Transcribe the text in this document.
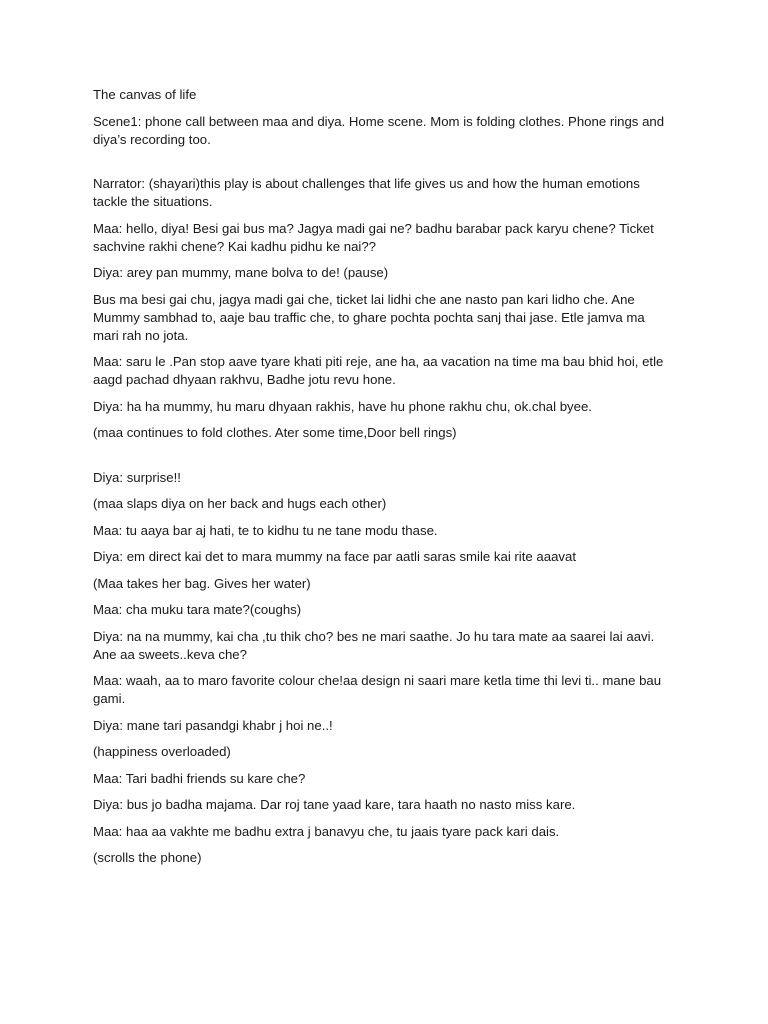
The canvas of life

Scene1: phone call between maa and diya. Home scene. Mom is folding clothes. Phone rings and diya’s recording too.

Narrator: (shayari)this play is about challenges that life gives us and how the human emotions tackle the situations.

Maa: hello, diya! Besi gai bus ma? Jagya madi gai ne? badhu barabar pack karyu chene? Ticket sachvine rakhi chene? Kai kadhu pidhu ke nai??

Diya: arey pan mummy, mane bolva to de! (pause)

Bus ma besi gai chu, jagya madi gai che, ticket lai lidhi che ane nasto pan kari lidho che. Ane Mummy sambhad to, aaje bau traffic che, to ghare pochta pochta sanj thai jase. Etle jamva ma mari rah no jota.

Maa: saru le .Pan stop aave tyare khati piti reje, ane ha, aa vacation na time ma bau bhid hoi, etle aagd pachad dhyaan rakhvu, Badhe jotu revu hone.

Diya: ha ha mummy, hu maru dhyaan rakhis, have hu phone rakhu chu, ok.chal byee.

(maa continues to fold clothes. Ater some time,Door bell rings)

Diya: surprise!!

(maa slaps diya on her back and hugs each other)

Maa: tu aaya bar aj hati, te to kidhu tu ne tane modu thase.

Diya: em direct kai det to mara mummy na face par aatli saras smile kai rite aaavat

(Maa takes her bag. Gives her water)

Maa: cha muku tara mate?(coughs)

Diya: na na mummy, kai cha ,tu thik cho? bes ne mari saathe. Jo hu tara mate aa saarei lai aavi. Ane aa sweets..keva che?

Maa: waah, aa to maro favorite colour che!aa design ni saari mare ketla time thi levi ti.. mane bau gami.

Diya: mane tari pasandgi khabr j hoi ne..!

(happiness overloaded)

Maa: Tari badhi friends su kare che?

Diya: bus jo badha majama. Dar roj tane yaad kare, tara haath no nasto miss kare.

Maa: haa aa vakhte me badhu extra j banavyu che, tu jaais tyare pack kari dais.

(scrolls the phone)
